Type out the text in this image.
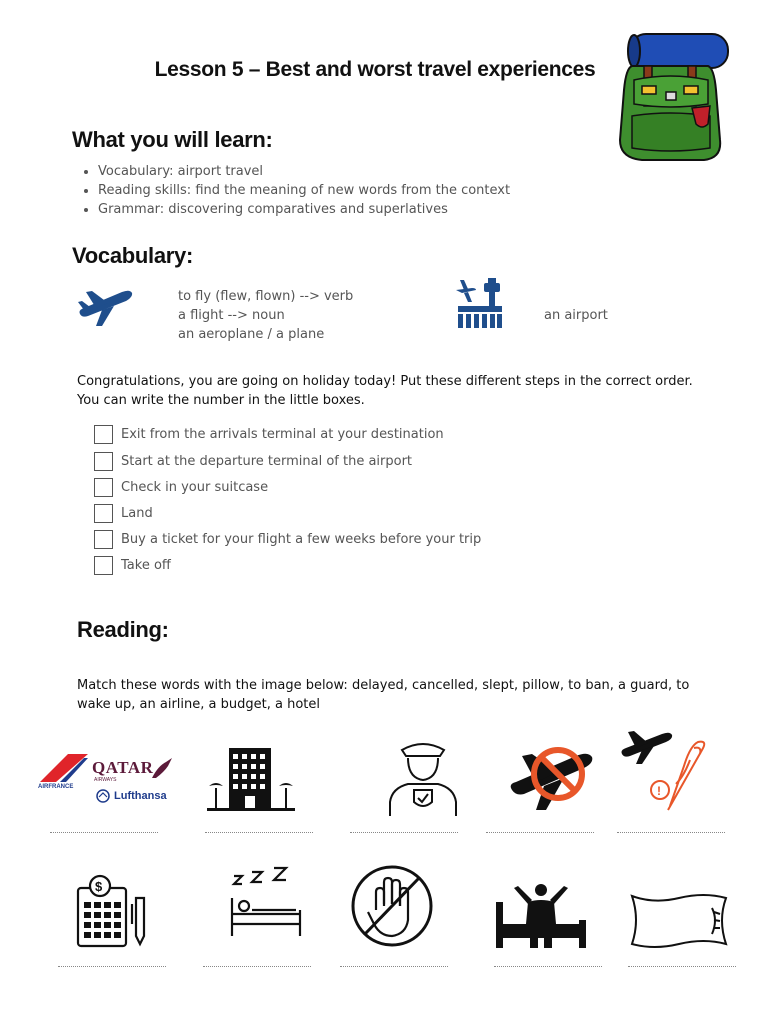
Lesson 5 – Best and worst travel experiences
What you will learn:
• Vocabulary: airport travel
• Reading skills: find the meaning of new words from the context
• Grammar: discovering comparatives and superlatives
Vocabulary:
to fly (flew, flown) --> verb
a flight --> noun
an aeroplane / a plane
an airport
Congratulations, you are going on holiday today! Put these different steps in the correct order. You can write the number in the little boxes.
Exit from the arrivals terminal at your destination
Start at the departure terminal of the airport
Check in your suitcase
Land
Buy a ticket for your flight a few weeks before your trip
Take off
Reading:
Match these words with the image below: delayed, cancelled, slept, pillow, to ban, a guard, to wake up, an airline, a budget, a hotel
AIRFRANCE
QATAR
AIRWAYS
Lufthansa	!
$
